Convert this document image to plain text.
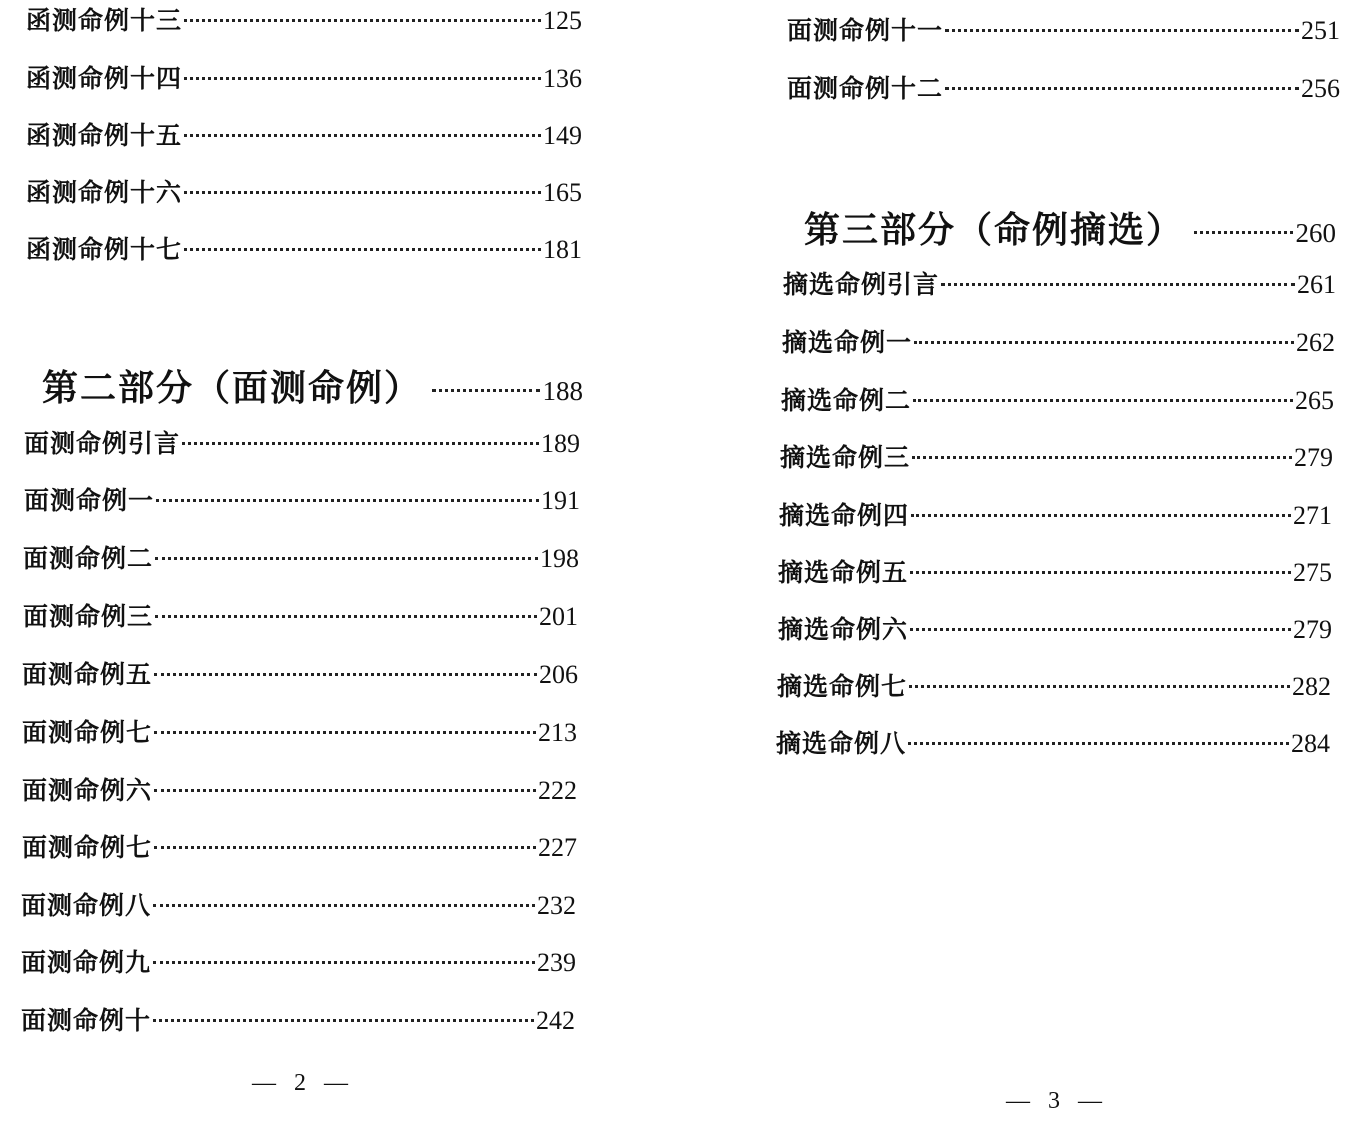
函测命例十三	125
函测命例十四	136
函测命例十五	149
函测命例十六	165
函测命例十七	181
第二部分（面测命例）	188
面测命例引言	189
面测命例一	191
面测命例二	198
面测命例三	201
面测命例五	206
面测命例七	213
面测命例六	222
面测命例七	227
面测命例八	232
面测命例九	239
面测命例十	242
— 2 —
面测命例十一	251
面测命例十二	256
第三部分（命例摘选）	260
摘选命例引言	261
摘选命例一	262
摘选命例二	265
摘选命例三	279
摘选命例四	271
摘选命例五	275
摘选命例六	279
摘选命例七	282
摘选命例八	284
— 3 —
